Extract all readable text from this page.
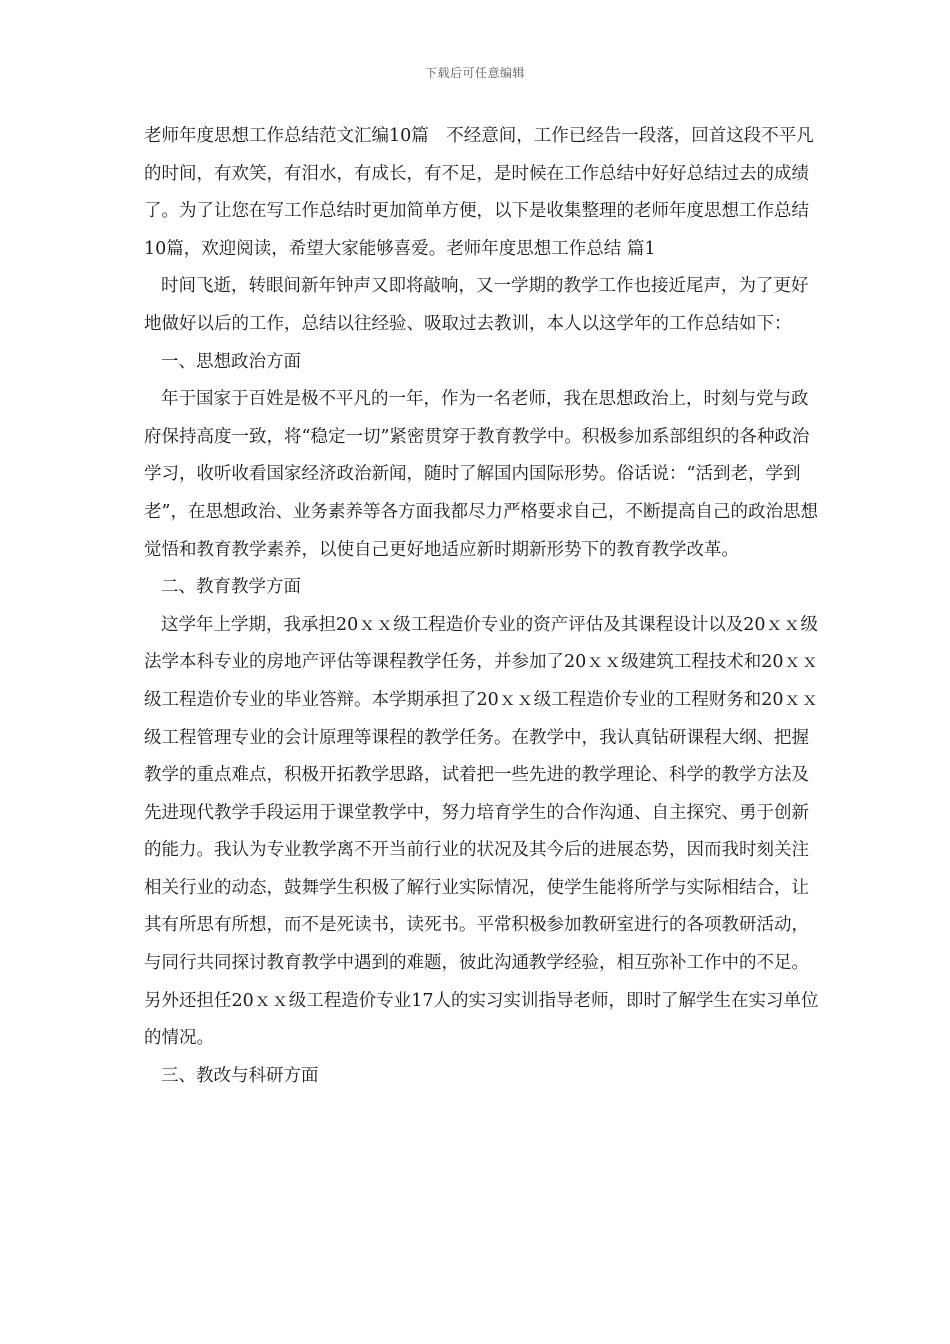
下载后可任意编辑

老师年度思想工作总结范文汇编10篇　不经意间，工作已经告一段落，回首这段不平凡的时间，有欢笑，有泪水，有成长，有不足，是时候在工作总结中好好总结过去的成绩了。为了让您在写工作总结时更加简单方便，以下是收集整理的老师年度思想工作总结10篇，欢迎阅读，希望大家能够喜爱。老师年度思想工作总结 篇1

时间飞逝，转眼间新年钟声又即将敲响，又一学期的教学工作也接近尾声，为了更好地做好以后的工作，总结以往经验、吸取过去教训，本人以这学年的工作总结如下：

一、思想政治方面

年于国家于百姓是极不平凡的一年，作为一名老师，我在思想政治上，时刻与党与政府保持高度一致，将“稳定一切”紧密贯穿于教育教学中。积极参加系部组织的各种政治学习，收听收看国家经济政治新闻，随时了解国内国际形势。俗话说：“活到老，学到老”，在思想政治、业务素养等各方面我都尽力严格要求自己，不断提高自己的政治思想觉悟和教育教学素养，以使自己更好地适应新时期新形势下的教育教学改革。

二、教育教学方面

这学年上学期，我承担20ｘｘ级工程造价专业的资产评估及其课程设计以及20ｘｘ级法学本科专业的房地产评估等课程教学任务，并参加了20ｘｘ级建筑工程技术和20ｘｘ级工程造价专业的毕业答辩。本学期承担了20ｘｘ级工程造价专业的工程财务和20ｘｘ级工程管理专业的会计原理等课程的教学任务。在教学中，我认真钻研课程大纲、把握教学的重点难点，积极开拓教学思路，试着把一些先进的教学理论、科学的教学方法及先进现代教学手段运用于课堂教学中，努力培育学生的合作沟通、自主探究、勇于创新的能力。我认为专业教学离不开当前行业的状况及其今后的进展态势，因而我时刻关注相关行业的动态，鼓舞学生积极了解行业实际情况，使学生能将所学与实际相结合，让其有所思有所想，而不是死读书，读死书。平常积极参加教研室进行的各项教研活动，与同行共同探讨教育教学中遇到的难题，彼此沟通教学经验，相互弥补工作中的不足。另外还担任20ｘｘ级工程造价专业17人的实习实训指导老师，即时了解学生在实习单位的情况。

三、教改与科研方面
